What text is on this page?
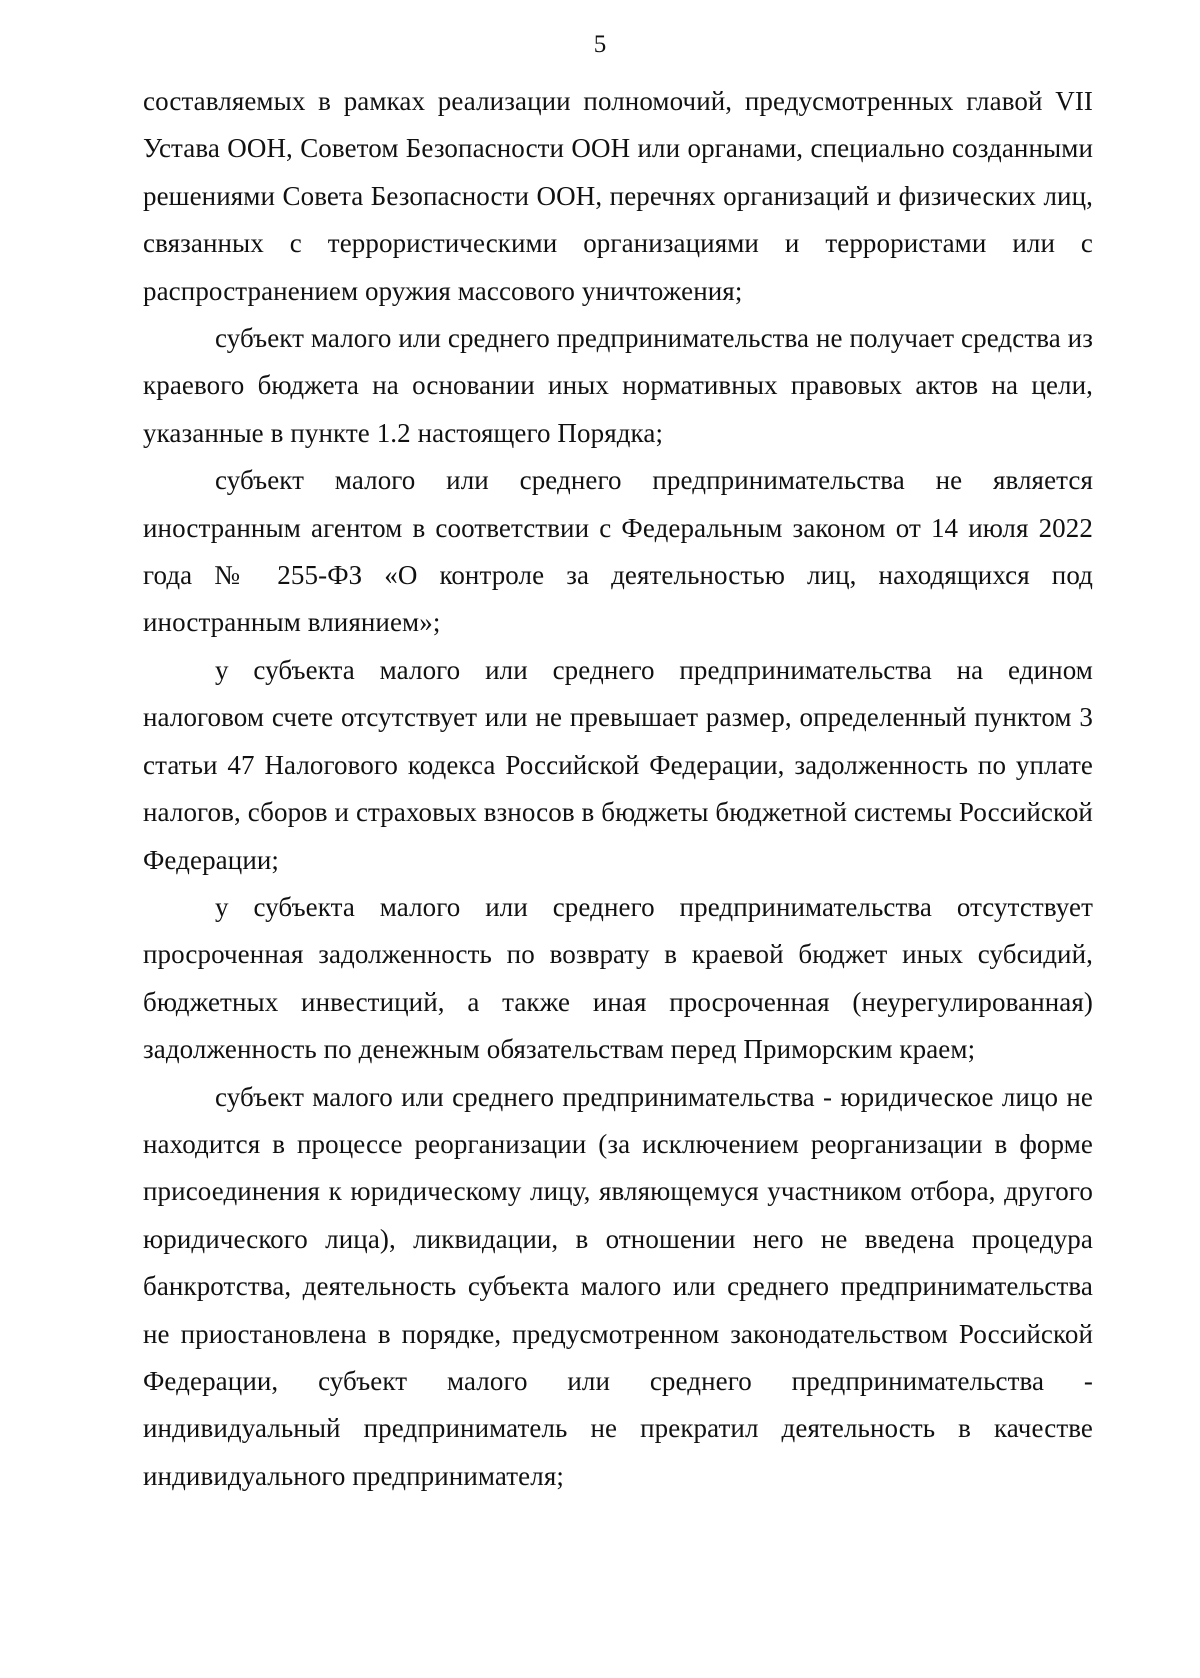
5

составляемых в рамках реализации полномочий, предусмотренных главой VII Устава ООН, Советом Безопасности ООН или органами, специально созданными решениями Совета Безопасности ООН, перечнях организаций и физических лиц, связанных с террористическими организациями и террористами или с распространением оружия массового уничтожения;

субъект малого или среднего предпринимательства не получает средства из краевого бюджета на основании иных нормативных правовых актов на цели, указанные в пункте 1.2 настоящего Порядка;

субъект малого или среднего предпринимательства не является иностранным агентом в соответствии с Федеральным законом от 14 июля 2022 года № 255-ФЗ «О контроле за деятельностью лиц, находящихся под иностранным влиянием»;

у субъекта малого или среднего предпринимательства на едином налоговом счете отсутствует или не превышает размер, определенный пунктом 3 статьи 47 Налогового кодекса Российской Федерации, задолженность по уплате налогов, сборов и страховых взносов в бюджеты бюджетной системы Российской Федерации;

у субъекта малого или среднего предпринимательства отсутствует просроченная задолженность по возврату в краевой бюджет иных субсидий, бюджетных инвестиций, а также иная просроченная (неурегулированная) задолженность по денежным обязательствам перед Приморским краем;

субъект малого или среднего предпринимательства - юридическое лицо не находится в процессе реорганизации (за исключением реорганизации в форме присоединения к юридическому лицу, являющемуся участником отбора, другого юридического лица), ликвидации, в отношении него не введена процедура банкротства, деятельность субъекта малого или среднего предпринимательства не приостановлена в порядке, предусмотренном законодательством Российской Федерации, субъект малого или среднего предпринимательства - индивидуальный предприниматель не прекратил деятельность в качестве индивидуального предпринимателя;
